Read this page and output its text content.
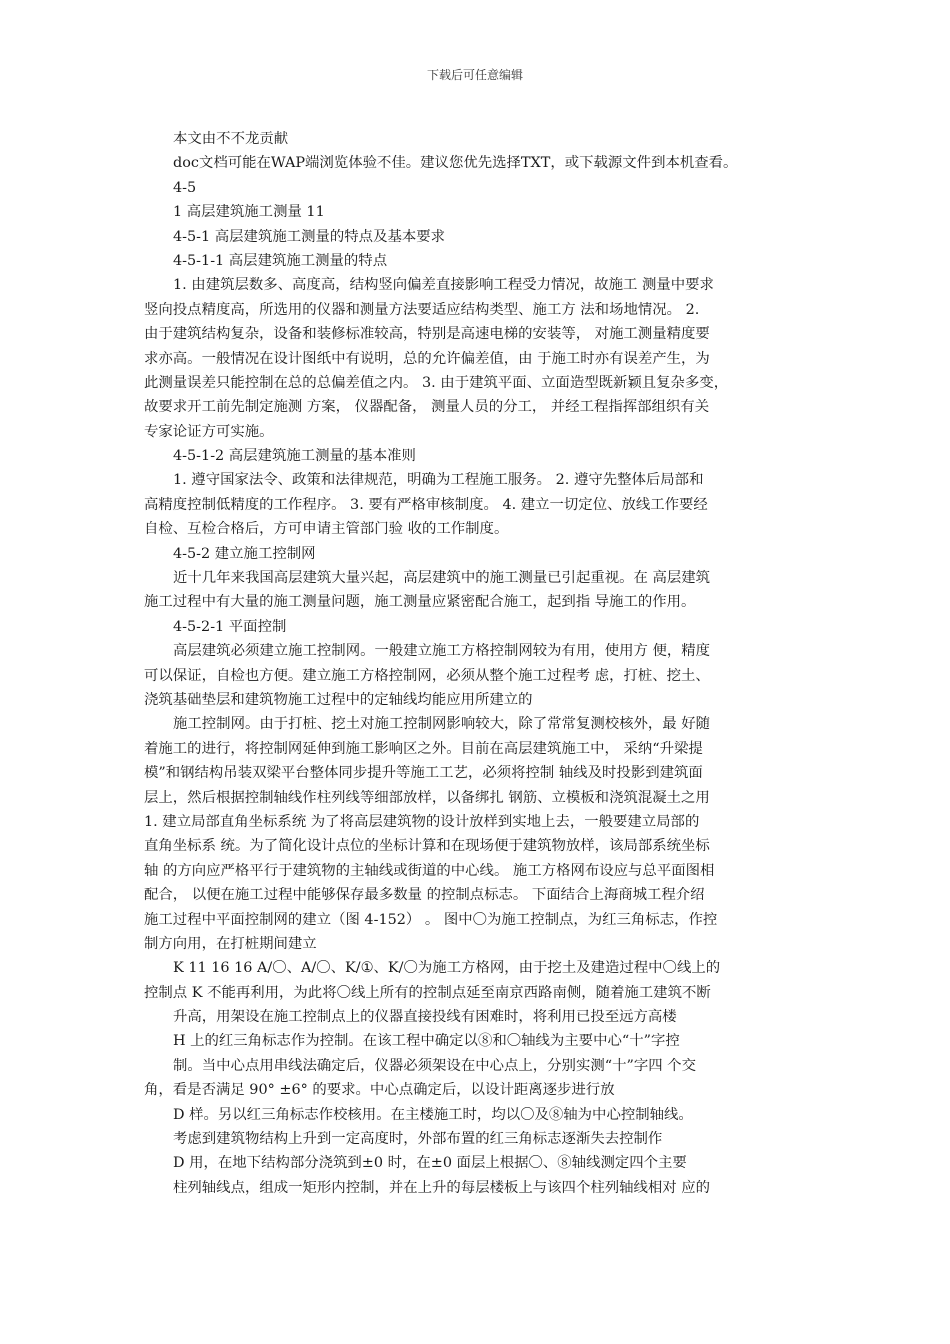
下载后可任意编辑
本文由不不龙贡献
doc文档可能在WAP端浏览体验不佳。建议您优先选择TXT，或下载源文件到本机查看。
4-5
1 高层建筑施工测量 11
4-5-1 高层建筑施工测量的特点及基本要求
4-5-1-1 高层建筑施工测量的特点
1. 由建筑层数多、高度高，结构竖向偏差直接影响工程受力情况，故施工 测量中要求
竖向投点精度高，所选用的仪器和测量方法要适应结构类型、施工方 法和场地情况。 2.
由于建筑结构复杂，设备和装修标准较高，特别是高速电梯的安装等， 对施工测量精度要
求亦高。一般情况在设计图纸中有说明，总的允许偏差值，由 于施工时亦有误差产生，为
此测量误差只能控制在总的总偏差值之内。 3. 由于建筑平面、立面造型既新颖且复杂多变，
故要求开工前先制定施测 方案， 仪器配备， 测量人员的分工， 并经工程指挥部组织有关
专家论证方可实施。
4-5-1-2 高层建筑施工测量的基本准则
1. 遵守国家法令、政策和法律规范，明确为工程施工服务。 2. 遵守先整体后局部和
高精度控制低精度的工作程序。 3. 要有严格审核制度。 4. 建立一切定位、放线工作要经
自检、互检合格后，方可申请主管部门验 收的工作制度。
4-5-2 建立施工控制网
近十几年来我国高层建筑大量兴起，高层建筑中的施工测量已引起重视。在 高层建筑
施工过程中有大量的施工测量问题，施工测量应紧密配合施工，起到指 导施工的作用。
4-5-2-1 平面控制
高层建筑必须建立施工控制网。一般建立施工方格控制网较为有用，使用方 便，精度
可以保证，自检也方便。建立施工方格控制网，必须从整个施工过程考 虑，打桩、挖土、
浇筑基础垫层和建筑物施工过程中的定轴线均能应用所建立的
施工控制网。由于打桩、挖土对施工控制网影响较大，除了常常复测校核外，最 好随
着施工的进行，将控制网延伸到施工影响区之外。目前在高层建筑施工中， 采纳“升梁提
模”和钢结构吊装双梁平台整体同步提升等施工工艺，必须将控制 轴线及时投影到建筑面
层上，然后根据控制轴线作柱列线等细部放样，以备绑扎 钢筋、立模板和浇筑混凝土之用
1. 建立局部直角坐标系统 为了将高层建筑物的设计放样到实地上去，一般要建立局部的
直角坐标系 统。为了简化设计点位的坐标计算和在现场便于建筑物放样，该局部系统坐标
轴 的方向应严格平行于建筑物的主轴线或街道的中心线。 施工方格网布设应与总平面图相
配合， 以便在施工过程中能够保存最多数量 的控制点标志。 下面结合上海商城工程介绍
施工过程中平面控制网的建立（图 4-152） 。 图中〇为施工控制点，为红三角标志，作控
制方向用，在打桩期间建立
K 11 16 16 A/〇、A/〇、K/①、K/〇为施工方格网，由于挖土及建造过程中〇线上的
控制点 K 不能再利用，为此将〇线上所有的控制点延至南京西路南侧，随着施工建筑不断
升高，用架设在施工控制点上的仪器直接投线有困难时，将利用已投至远方高楼
H 上的红三角标志作为控制。在该工程中确定以⑧和〇轴线为主要中心“十”字控
制。当中心点用串线法确定后，仪器必须架设在中心点上，分别实测“十”字四 个交
角，看是否满足 90° ±6° 的要求。中心点确定后，以设计距离逐步进行放
D 样。另以红三角标志作校核用。在主楼施工时，均以〇及⑧轴为中心控制轴线。
考虑到建筑物结构上升到一定高度时，外部布置的红三角标志逐渐失去控制作
D 用，在地下结构部分浇筑到±0 时，在±0 面层上根据〇、⑧轴线测定四个主要
柱列轴线点，组成一矩形内控制，并在上升的每层楼板上与该四个柱列轴线相对 应的
